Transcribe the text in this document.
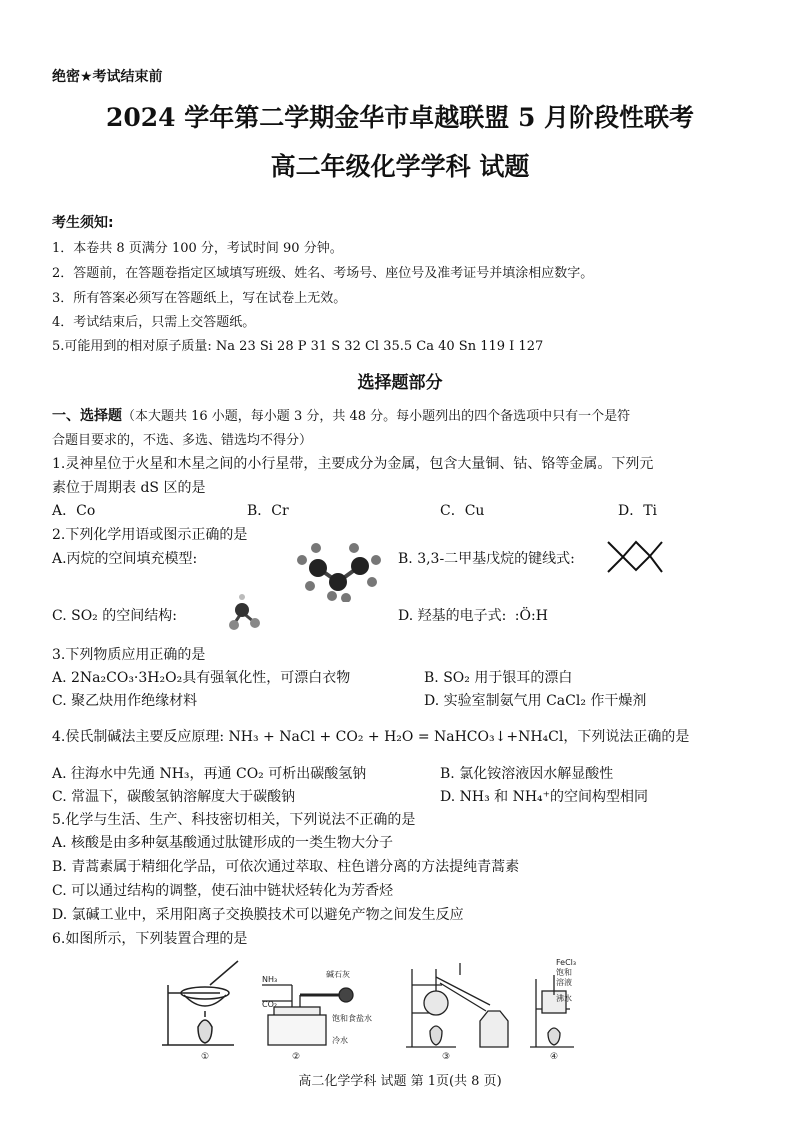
绝密★考试结束前
2024 学年第二学期金华市卓越联盟 5 月阶段性联考
高二年级化学学科 试题
考生须知:
1．本卷共 8 页满分 100 分，考试时间 90 分钟。
2．答题前，在答题卷指定区域填写班级、姓名、考场号、座位号及准考证号并填涂相应数字。
3．所有答案必须写在答题纸上，写在试卷上无效。
4．考试结束后，只需上交答题纸。
5.可能用到的相对原子质量: Na 23 Si 28 P 31 S 32 Cl 35.5 Ca 40 Sn 119 I 127
选择题部分
一、选择题（本大题共 16 小题，每小题 3 分，共 48 分。每小题列出的四个备选项中只有一个是符
合题目要求的，不选、多选、错选均不得分）
1.灵神星位于火星和木星之间的小行星带，主要成分为金属，包含大量铜、钴、铬等金属。下列元
素位于周期表 dS 区的是
A．Co	B．Cr	C．Cu	D．Ti
2.下列化学用语或图示正确的是
A.丙烷的空间填充模型:	B. 3,3-二甲基戊烷的键线式:
C. SO₂ 的空间结构:	D. 羟基的电子式: :Ö:H
3.下列物质应用正确的是
A. 2Na₂CO₃·3H₂O₂具有强氧化性，可漂白衣物	B. SO₂ 用于银耳的漂白
C. 聚乙炔用作绝缘材料	D. 实验室制氨气用 CaCl₂ 作干燥剂
4.侯氏制碱法主要反应原理: NH₃ + NaCl + CO₂ + H₂O = NaHCO₃↓+NH₄Cl，下列说法正确的是
A. 往海水中先通 NH₃，再通 CO₂ 可析出碳酸氢钠	B. 氯化铵溶液因水解显酸性
C. 常温下，碳酸氢钠溶解度大于碳酸钠	D. NH₃ 和 NH₄⁺的空间构型相同
5.化学与生活、生产、科技密切相关，下列说法不正确的是
A. 核酸是由多种氨基酸通过肽键形成的一类生物大分子
B. 青蒿素属于精细化学品，可依次通过萃取、柱色谱分离的方法提纯青蒿素
C. 可以通过结构的调整，使石油中链状烃转化为芳香烃
D. 氯碱工业中，采用阳离子交换膜技术可以避免产物之间发生反应
6.如图所示，下列装置合理的是
①
NH₃
CO₂
碱石灰
饱和食盐水
冷水
②	③
FeCl₃
饱和
溶液
沸水
④
高二化学学科 试题 第 1页(共 8 页)
